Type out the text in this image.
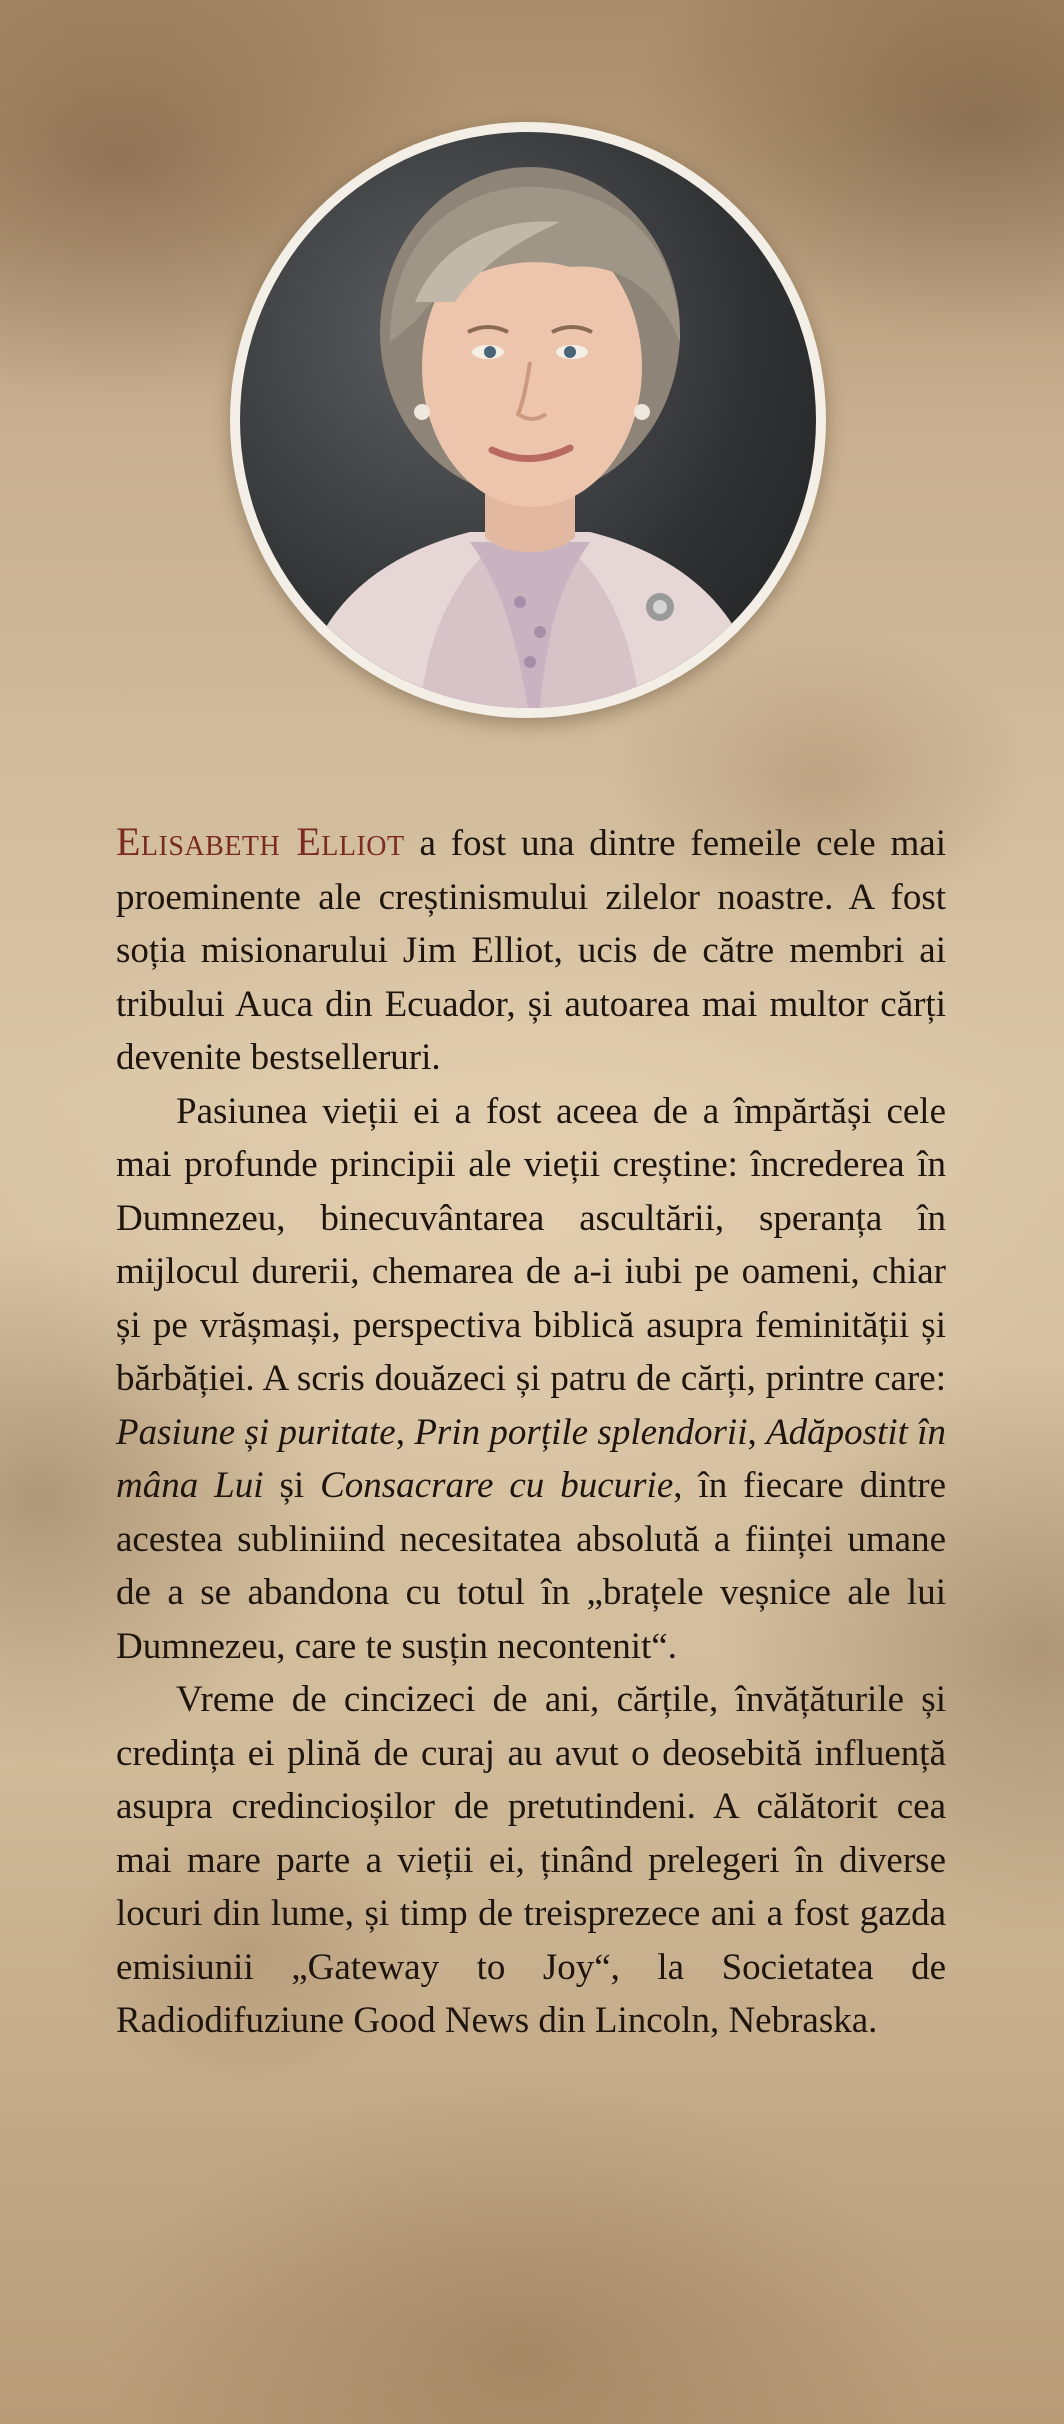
Elisabeth Elliot a fost una dintre femeile cele mai proeminente ale creștinismului zilelor noastre. A fost soția misionarului Jim Elliot, ucis de către membri ai tribului Auca din Ecuador, și autoarea mai multor cărți devenite bestselleruri.

Pasiunea vieții ei a fost aceea de a împărtăși cele mai profunde principii ale vieții creștine: încrederea în Dumnezeu, binecuvântarea ascultării, speranța în mijlocul durerii, chemarea de a-i iubi pe oameni, chiar și pe vrășmași, perspectiva biblică asupra feminității și bărbăției. A scris douăzeci și patru de cărți, printre care: Pasiune și puritate, Prin porțile splendorii, Adăpostit în mâna Lui și Consacrare cu bucurie, în fiecare dintre acestea subliniind necesitatea absolută a ființei umane de a se abandona cu totul în „brațele veșnice ale lui Dumnezeu, care te susțin necontenit“.

Vreme de cincizeci de ani, cărțile, învățăturile și credința ei plină de curaj au avut o deosebită influență asupra credincioșilor de pretutindeni. A călătorit cea mai mare parte a vieții ei, ținând prelegeri în diverse locuri din lume, și timp de treisprezece ani a fost gazda emisiunii „Gateway to Joy“, la Societatea de Radiodifuziune Good News din Lincoln, Nebraska.
